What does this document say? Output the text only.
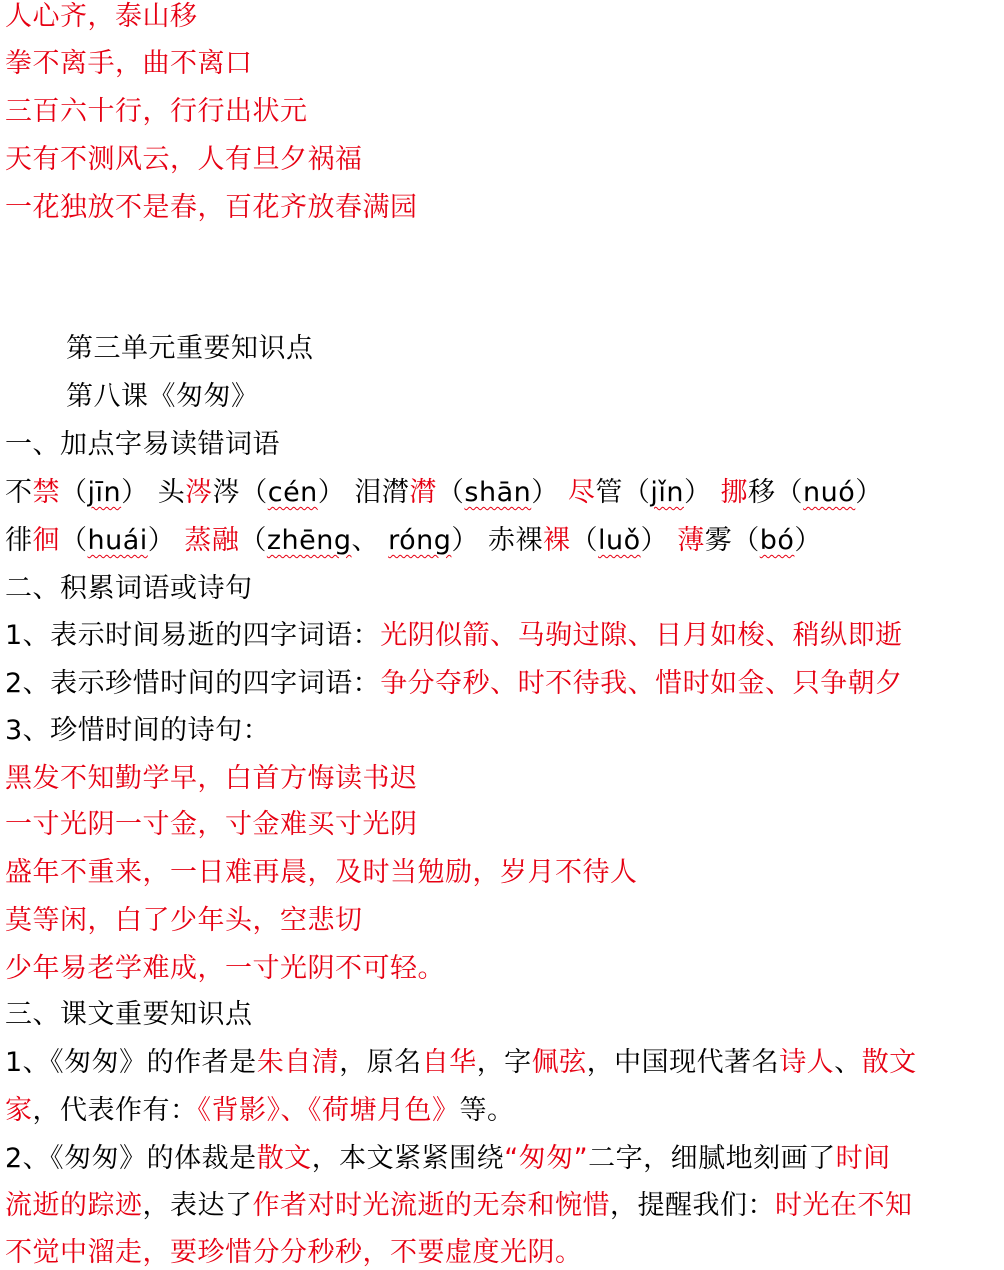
人心齐，泰山移
拳不离手，曲不离口
三百六十行，行行出状元
天有不测风云，人有旦夕祸福
一花独放不是春，百花齐放春满园
第三单元重要知识点
第八课《匆匆》
一、加点字易读错词语
不禁（jīn） 头涔涔（cén） 泪潸潸（shān） 尽管（jǐn） 挪移（nuó）
徘徊（huái） 蒸融（zhēng、 róng） 赤裸裸（luǒ） 薄雾（bó）
二、积累词语或诗句
1、表示时间易逝的四字词语：光阴似箭、马驹过隙、日月如梭、稍纵即逝
2、表示珍惜时间的四字词语：争分夺秒、时不待我、惜时如金、只争朝夕
3、珍惜时间的诗句：
黑发不知勤学早，白首方悔读书迟
一寸光阴一寸金，寸金难买寸光阴
盛年不重来，一日难再晨，及时当勉励，岁月不待人
莫等闲，白了少年头，空悲切
少年易老学难成，一寸光阴不可轻。
三、课文重要知识点
1、《匆匆》的作者是朱自清，原名自华，字佩弦，中国现代著名诗人、散文
家，代表作有：《背影》、《荷塘月色》等。
2、《匆匆》的体裁是散文，本文紧紧围绕“匆匆”二字，细腻地刻画了时间
流逝的踪迹，表达了作者对时光流逝的无奈和惋惜，提醒我们：时光在不知
不觉中溜走，要珍惜分分秒秒，不要虚度光阴。
